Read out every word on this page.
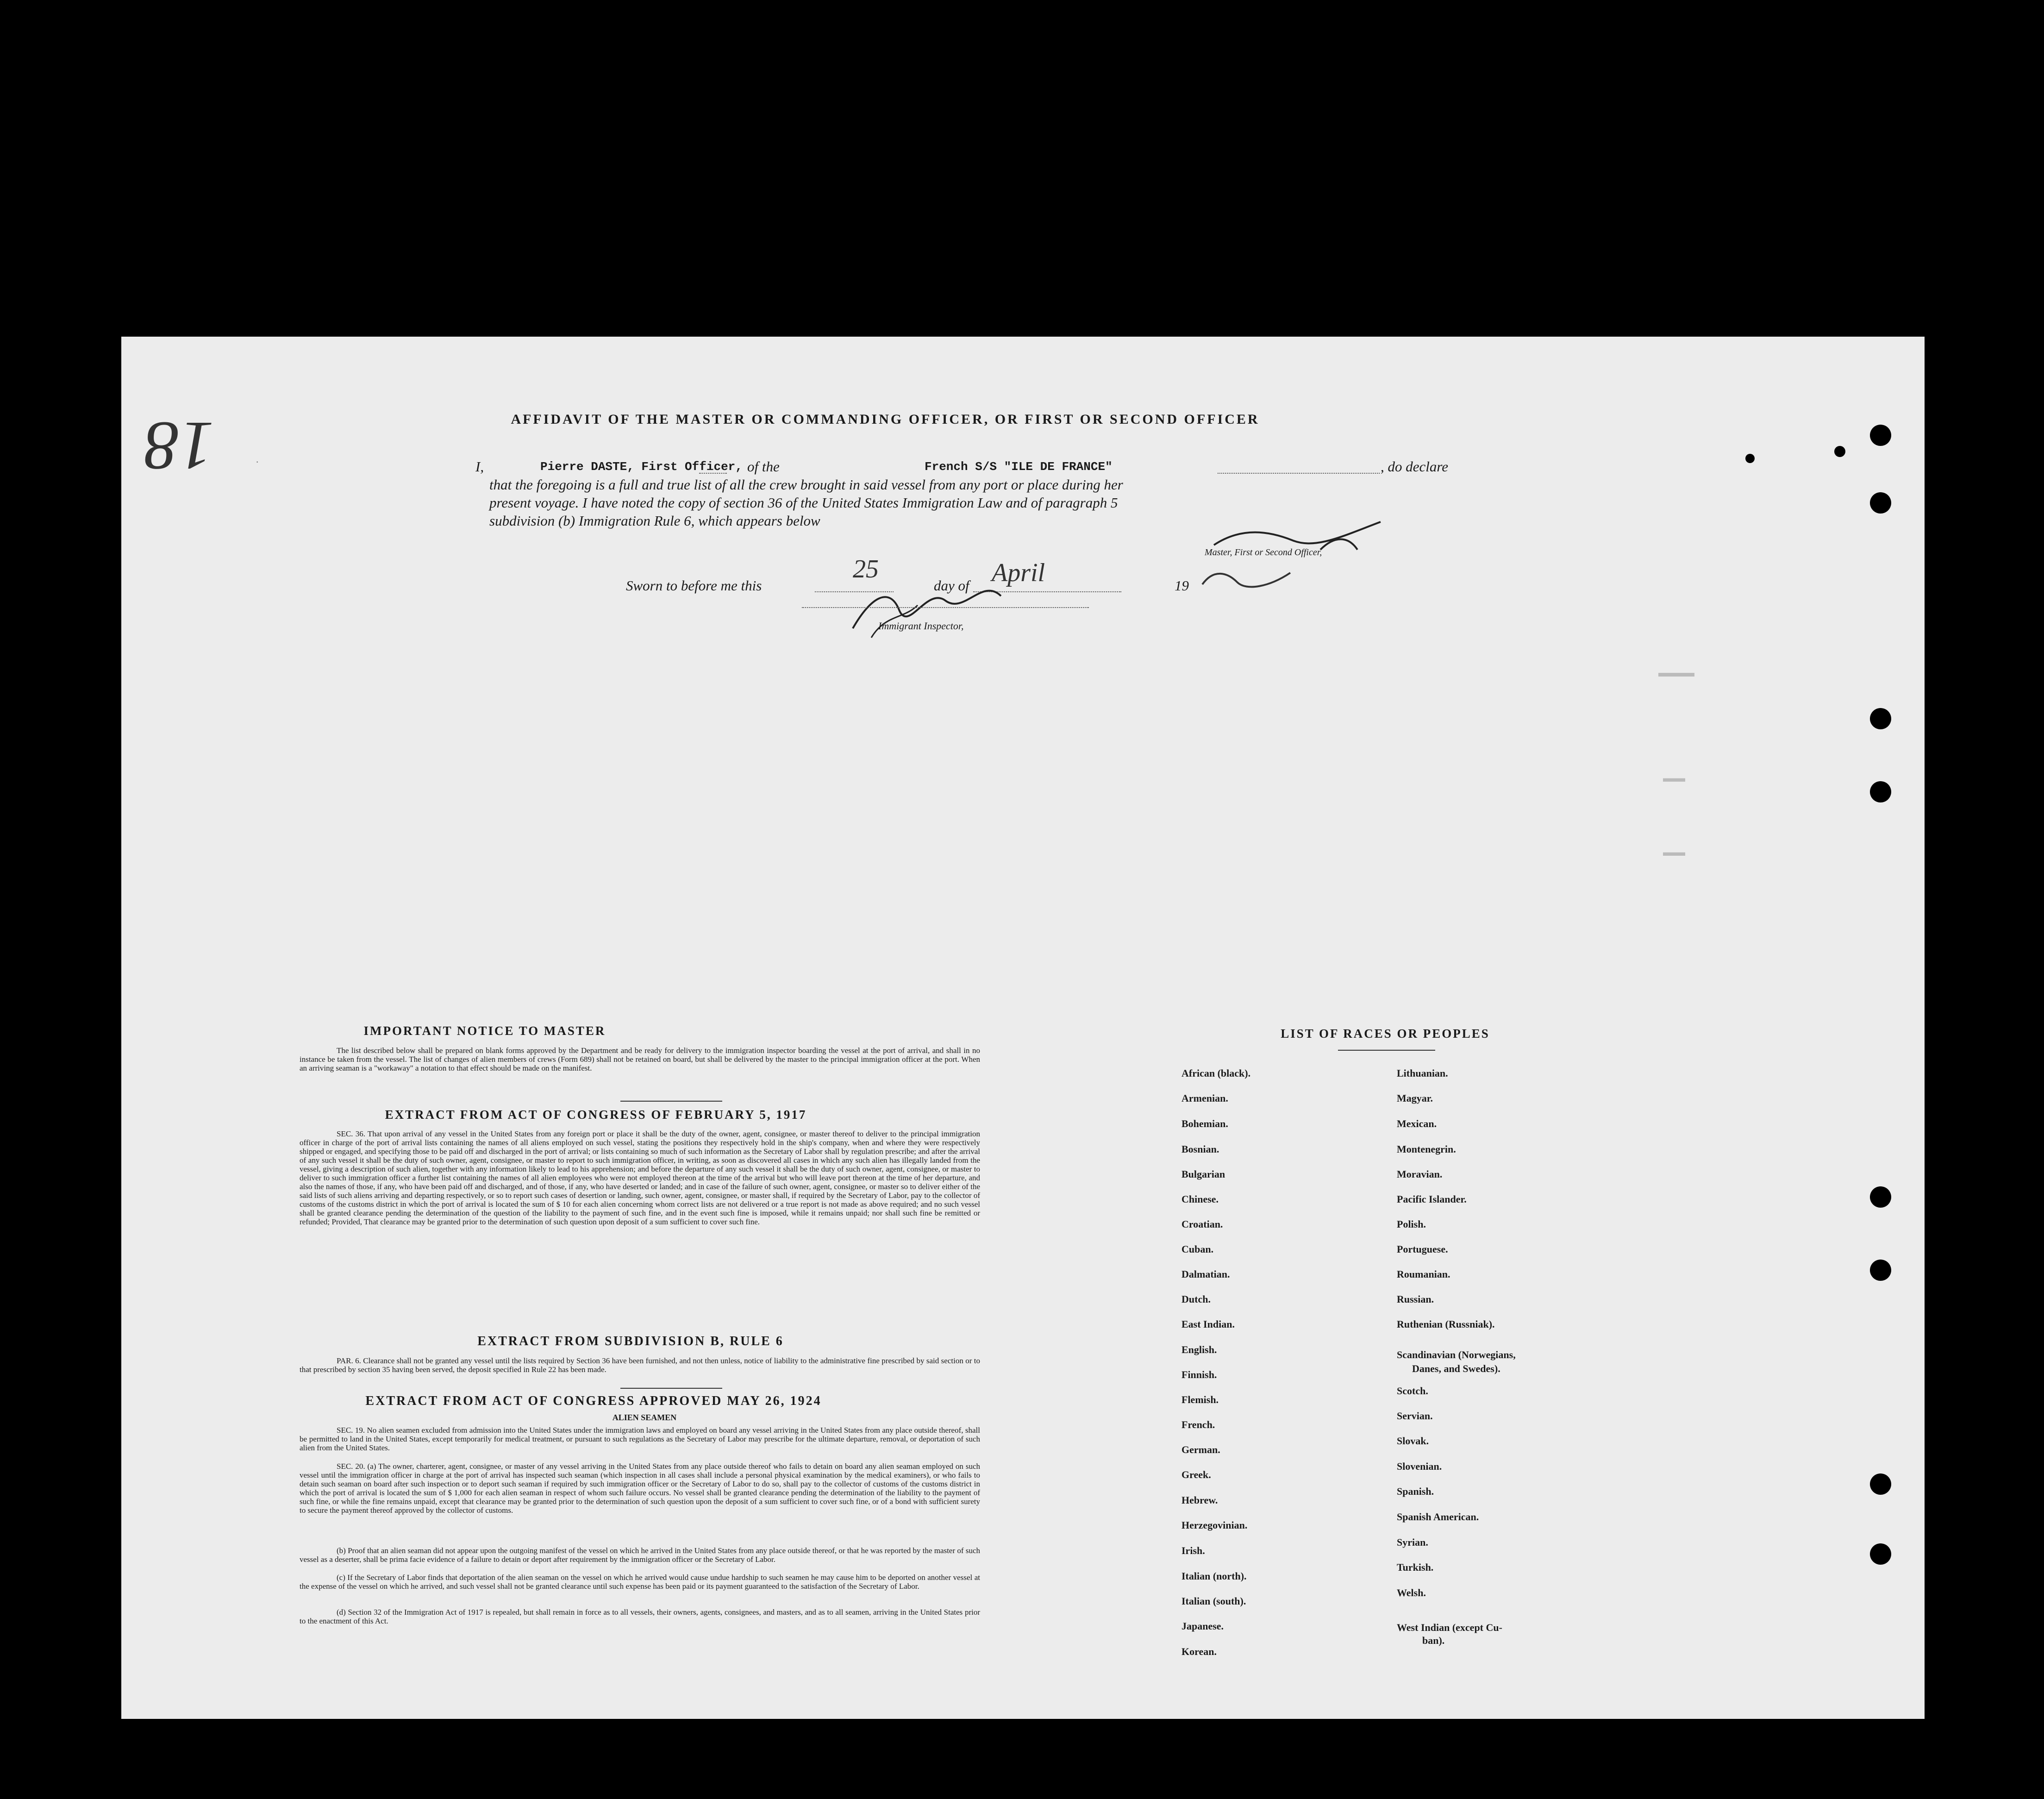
▬▬▬
▬▬
▬▬
18	·
AFFIDAVIT OF THE MASTER OR COMMANDING OFFICER, OR FIRST OR SECOND OFFICER
I,	Pierre DASTE, First Officer, of the	French S/S "ILE DE FRANCE"	, do declare
that the foregoing is a full and true list of all the crew brought in said vessel from any port or place during her
present voyage. I have noted the copy of section 36 of the United States Immigration Law and of paragraph 5
subdivision (b) Immigration Rule 6, which appears below
Master, First or Second Officer,
Sworn to before me this
25
day of April	19
Immigrant Inspector,
IMPORTANT NOTICE TO MASTER
The list described below shall be prepared on blank forms approved by the Department and be ready for delivery to the immigration inspector boarding the vessel at the port of arrival, and shall in no instance be taken from the vessel. The list of changes of alien members of crews (Form 689) shall not be retained on board, but shall be delivered by the master to the principal immigration officer at the port. When an arriving seaman is a "workaway" a notation to that effect should be made on the manifest.
EXTRACT FROM ACT OF CONGRESS OF FEBRUARY 5, 1917
SEC. 36. That upon arrival of any vessel in the United States from any foreign port or place it shall be the duty of the owner, agent, consignee, or master thereof to deliver to the principal immigration officer in charge of the port of arrival lists containing the names of all aliens employed on such vessel, stating the positions they respectively hold in the ship's company, when and where they were respectively shipped or engaged, and specifying those to be paid off and discharged in the port of arrival; or lists containing so much of such information as the Secretary of Labor shall by regulation prescribe; and after the arrival of any such vessel it shall be the duty of such owner, agent, consignee, or master to report to such immigration officer, in writing, as soon as discovered all cases in which any such alien has illegally landed from the vessel, giving a description of such alien, together with any information likely to lead to his apprehension; and before the departure of any such vessel it shall be the duty of such owner, agent, consignee, or master to deliver to such immigration officer a further list containing the names of all alien employees who were not employed thereon at the time of the arrival but who will leave port thereon at the time of her departure, and also the names of those, if any, who have been paid off and discharged, and of those, if any, who have deserted or landed; and in case of the failure of such owner, agent, consignee, or master so to deliver either of the said lists of such aliens arriving and departing respectively, or so to report such cases of desertion or landing, such owner, agent, consignee, or master shall, if required by the Secretary of Labor, pay to the collector of customs of the customs district in which the port of arrival is located the sum of $ 10 for each alien concerning whom correct lists are not delivered or a true report is not made as above required; and no such vessel shall be granted clearance pending the determination of the question of the liability to the payment of such fine, and in the event such fine is imposed, while it remains unpaid; nor shall such fine be remitted or refunded; Provided, That clearance may be granted prior to the determination of such question upon deposit of a sum sufficient to cover such fine.
EXTRACT FROM SUBDIVISION B, RULE 6
PAR. 6. Clearance shall not be granted any vessel until the lists required by Section 36 have been furnished, and not then unless, notice of liability to the administrative fine prescribed by said section or to that prescribed by section 35 having been served, the deposit specified in Rule 22 has been made.
EXTRACT FROM ACT OF CONGRESS APPROVED MAY 26, 1924
ALIEN SEAMEN
SEC. 19. No alien seamen excluded from admission into the United States under the immigration laws and employed on board any vessel arriving in the United States from any place outside thereof, shall be permitted to land in the United States, except temporarily for medical treatment, or pursuant to such regulations as the Secretary of Labor may prescribe for the ultimate departure, removal, or deportation of such alien from the United States.
SEC. 20. (a) The owner, charterer, agent, consignee, or master of any vessel arriving in the United States from any place outside thereof who fails to detain on board any alien seaman employed on such vessel until the immigration officer in charge at the port of arrival has inspected such seaman (which inspection in all cases shall include a personal physical examination by the medical examiners), or who fails to detain such seaman on board after such inspection or to deport such seaman if required by such immigration officer or the Secretary of Labor to do so, shall pay to the collector of customs of the customs district in which the port of arrival is located the sum of $ 1,000 for each alien seaman in respect of whom such failure occurs. No vessel shall be granted clearance pending the determination of the liability to the payment of such fine, or while the fine remains unpaid, except that clearance may be granted prior to the determination of such question upon the deposit of a sum sufficient to cover such fine, or of a bond with sufficient surety to secure the payment thereof approved by the collector of customs.
(b) Proof that an alien seaman did not appear upon the outgoing manifest of the vessel on which he arrived in the United States from any place outside thereof, or that he was reported by the master of such vessel as a deserter, shall be prima facie evidence of a failure to detain or deport after requirement by the immigration officer or the Secretary of Labor.
(c) If the Secretary of Labor finds that deportation of the alien seaman on the vessel on which he arrived would cause undue hardship to such seamen he may cause him to be deported on another vessel at the expense of the vessel on which he arrived, and such vessel shall not be granted clearance until such expense has been paid or its payment guaranteed to the satisfaction of the Secretary of Labor.
(d) Section 32 of the Immigration Act of 1917 is repealed, but shall remain in force as to all vessels, their owners, agents, consignees, and masters, and as to all seamen, arriving in the United States prior to the enactment of this Act.
LIST OF RACES OR PEOPLES
African (black).
Armenian.
Bohemian.
Bosnian.
Bulgarian
Chinese.
Croatian.
Cuban.
Dalmatian.
Dutch.
East Indian.
English.
Finnish.
Flemish.
French.
German.
Greek.
Hebrew.
Herzegovinian.
Irish.
Italian (north).
Italian (south).
Japanese.
Korean.
Lithuanian.
Magyar.
Mexican.
Montenegrin.
Moravian.
Pacific Islander.
Polish.
Portuguese.
Roumanian.
Russian.
Ruthenian (Russniak).
Scandinavian (Norwegians,
Scotch.
Servian.
Slovak.
Slovenian.
Spanish.
Spanish American.
Syrian.
Turkish.
Welsh.
West Indian (except Cu-
Danes, and Swedes).
ban).
